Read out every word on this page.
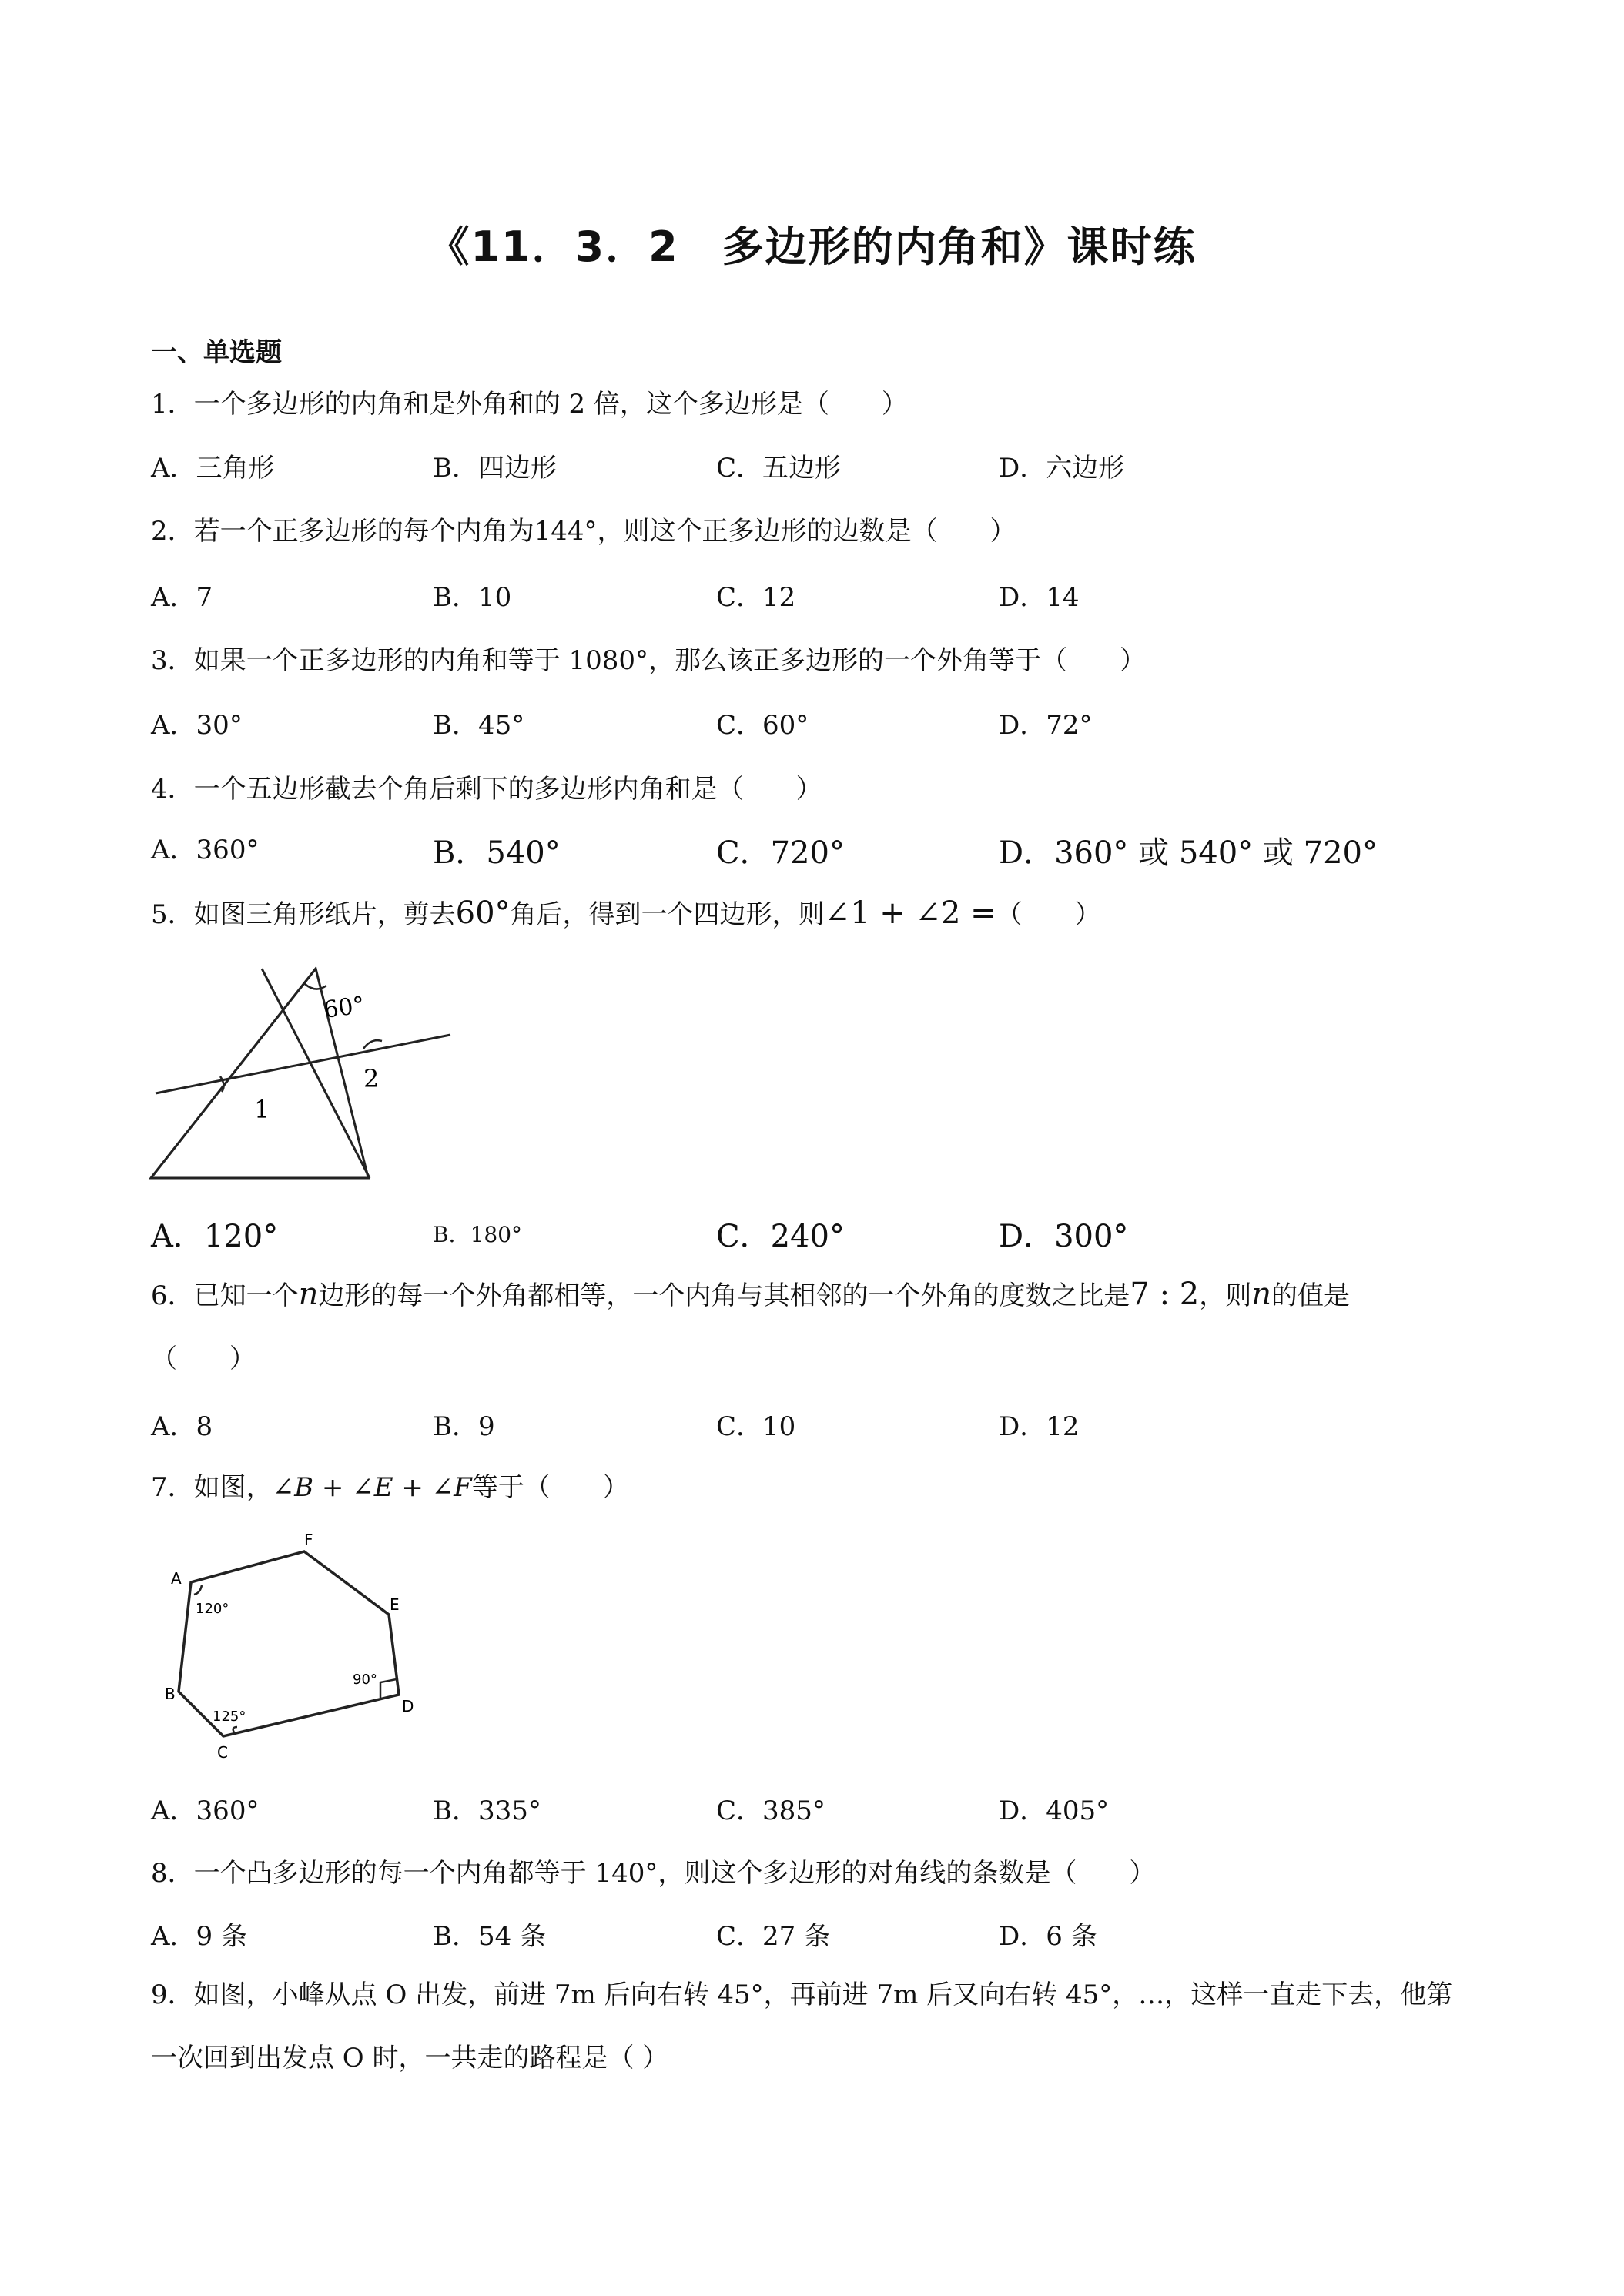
《11．3．2　多边形的内角和》课时练
一、单选题
1．一个多边形的内角和是外角和的 2 倍，这个多边形是（　　）
A．三角形	B．四边形	C．五边形	D．六边形
2．若一个正多边形的每个内角为144°，则这个正多边形的边数是（　　）
A．7	B．10	C．12	D．14
3．如果一个正多边形的内角和等于 1080°，那么该正多边形的一个外角等于（　　）
A．30°	B．45°	C．60°	D．72°
4．一个五边形截去个角后剩下的多边形内角和是（　　）
A．360°	B．540°	C．720°	D．360° 或 540° 或 720°
5．如图三角形纸片，剪去60°角后，得到一个四边形，则∠1 + ∠2 =（　　）
60°
1
2
A．120°	B．180°	C．240°	D．300°
6．已知一个n边形的每一个外角都相等，一个内角与其相邻的一个外角的度数之比是7 : 2，则n的值是
（　　）
A．8	B．9	C．10	D．12
7．如图，∠B + ∠E + ∠F等于（　　）
A
F
E
D
C
B
120°
125°
90°
A．360°	B．335°	C．385°	D．405°
8．一个凸多边形的每一个内角都等于 140°，则这个多边形的对角线的条数是（　　）
A．9 条	B．54 条	C．27 条	D．6 条
9．如图，小峰从点 O 出发，前进 7m 后向右转 45°，再前进 7m 后又向右转 45°，…，这样一直走下去，他第一次回到出发点 O 时，一共走的路程是（ ）
